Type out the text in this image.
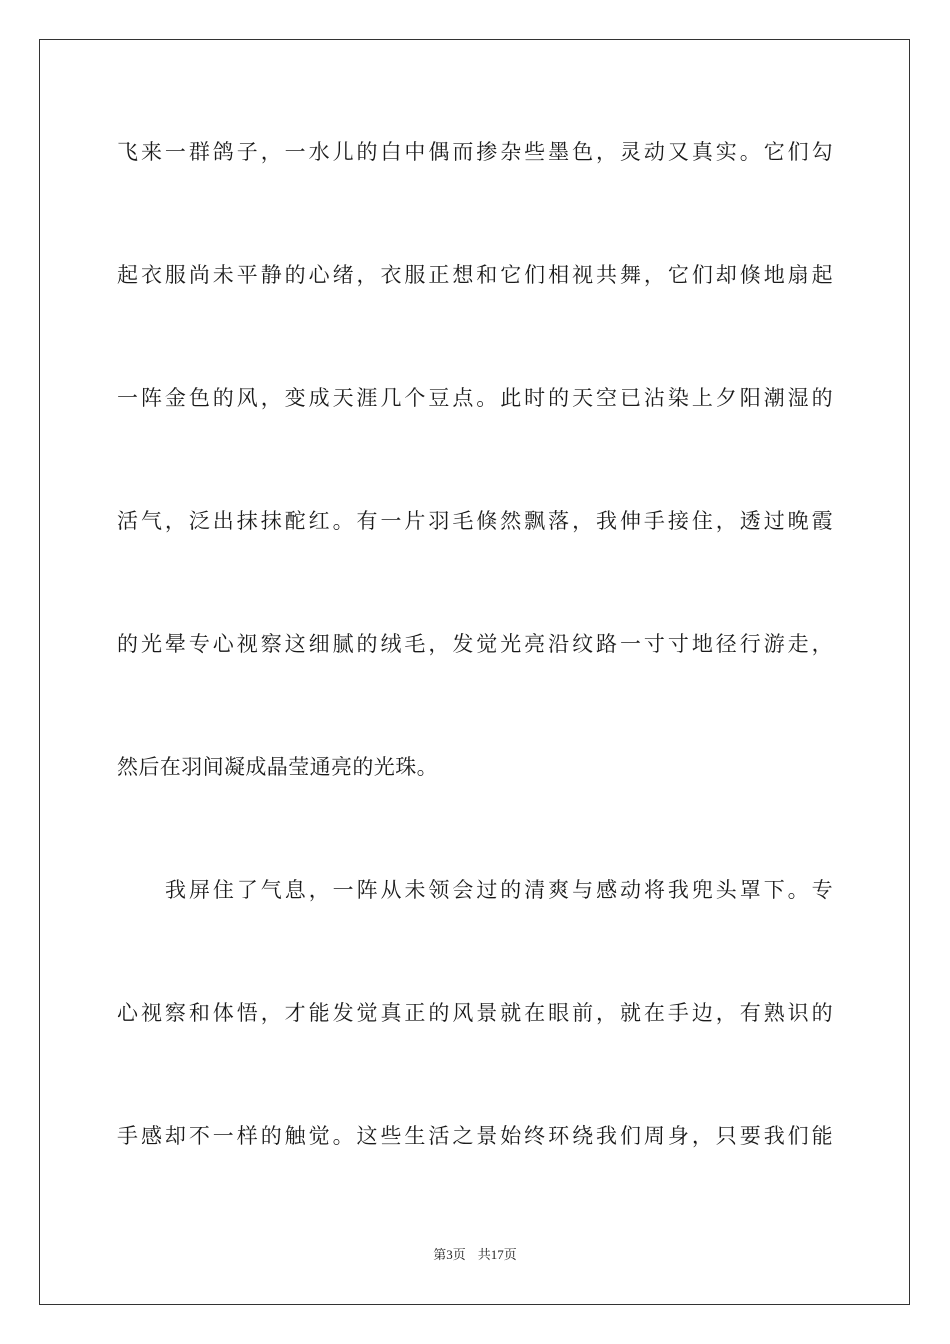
飞来一群鸽子，一水儿的白中偶而掺杂些墨色，灵动又真实。它们勾
起衣服尚未平静的心绪，衣服正想和它们相视共舞，它们却倏地扇起
一阵金色的风，变成天涯几个豆点。此时的天空已沾染上夕阳潮湿的
活气，泛出抹抹酡红。有一片羽毛倏然飘落，我伸手接住，透过晚霞
的光晕专心视察这细腻的绒毛，发觉光亮沿纹路一寸寸地径行游走，
然后在羽间凝成晶莹通亮的光珠。
我屏住了气息，一阵从未领会过的清爽与感动将我兜头罩下。专
心视察和体悟，才能发觉真正的风景就在眼前，就在手边，有熟识的
手感却不一样的触觉。这些生活之景始终环绕我们周身，只要我们能
第3页 共17页
